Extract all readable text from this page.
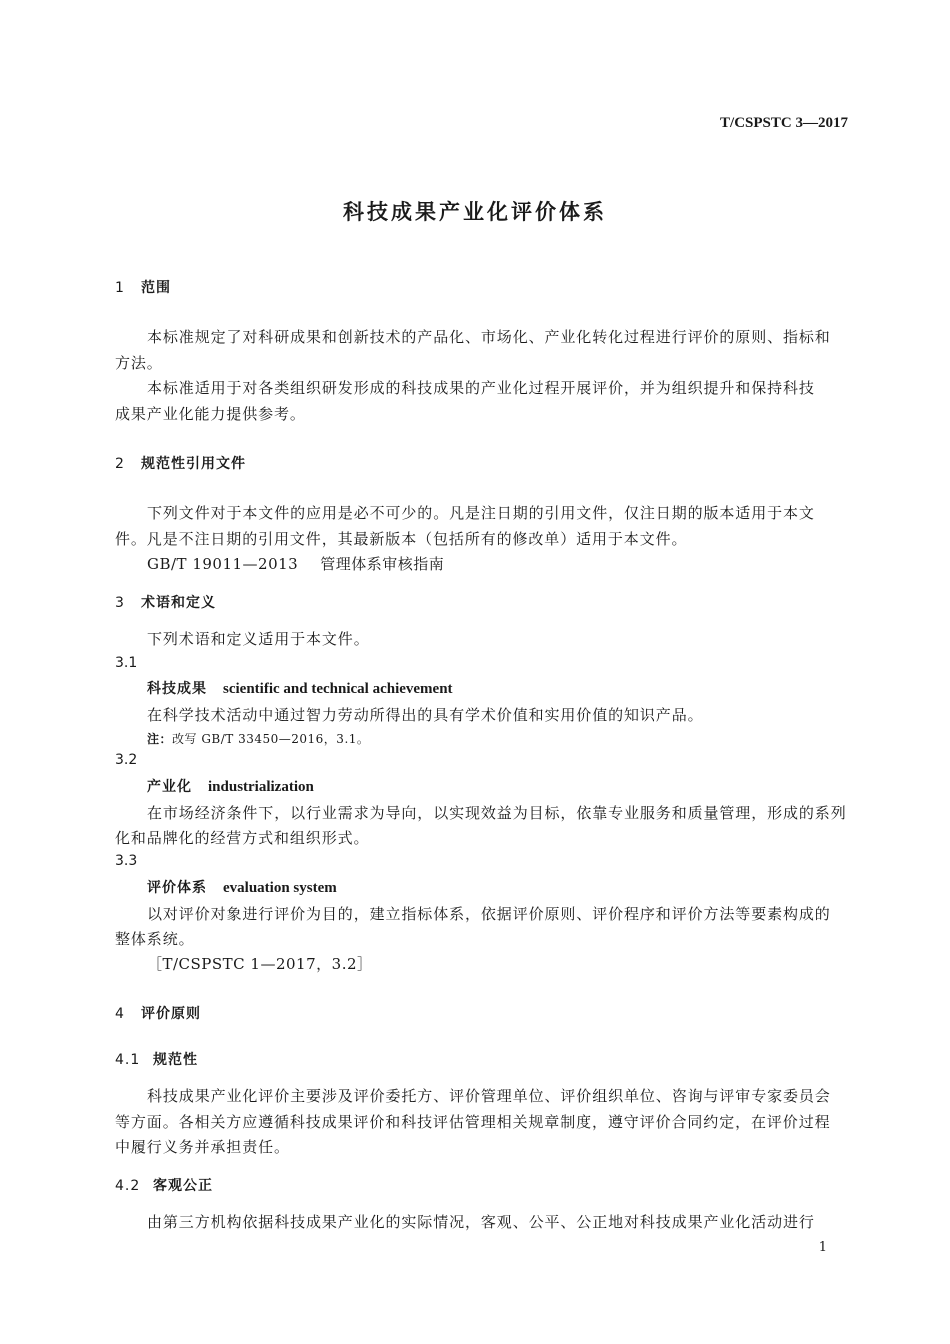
T/CSPSTC 3—2017
科技成果产业化评价体系
1 范围
本标准规定了对科研成果和创新技术的产品化、市场化、产业化转化过程进行评价的原则、指标和
方法。
本标准适用于对各类组织研发形成的科技成果的产业化过程开展评价，并为组织提升和保持科技
成果产业化能力提供参考。
2 规范性引用文件
下列文件对于本文件的应用是必不可少的。凡是注日期的引用文件，仅注日期的版本适用于本文
件。凡是不注日期的引用文件，其最新版本（包括所有的修改单）适用于本文件。
GB/T 19011—2013 管理体系审核指南
3 术语和定义
下列术语和定义适用于本文件。
3.1
科技成果 scientific and technical achievement
在科学技术活动中通过智力劳动所得出的具有学术价值和实用价值的知识产品。
注：改写 GB/T 33450—2016，3.1。
3.2
产业化 industrialization
在市场经济条件下，以行业需求为导向，以实现效益为目标，依靠专业服务和质量管理，形成的系列
化和品牌化的经营方式和组织形式。
3.3
评价体系 evaluation system
以对评价对象进行评价为目的，建立指标体系，依据评价原则、评价程序和评价方法等要素构成的
整体系统。
［T/CSPSTC 1—2017，3.2］
4 评价原则
4.1 规范性
科技成果产业化评价主要涉及评价委托方、评价管理单位、评价组织单位、咨询与评审专家委员会
等方面。各相关方应遵循科技成果评价和科技评估管理相关规章制度，遵守评价合同约定，在评价过程
中履行义务并承担责任。
4.2 客观公正
由第三方机构依据科技成果产业化的实际情况，客观、公平、公正地对科技成果产业化活动进行
1
